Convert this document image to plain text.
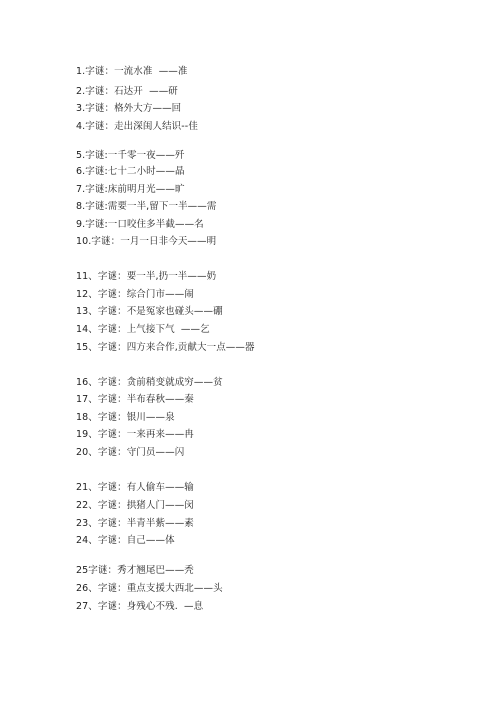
1.字谜：一流水准  ——准
2.字谜：石达开  ——研
3.字谜：格外大方——回
4.字谜：走出深闺人结识--佳
5.字谜:一千零一夜——歼
6.字谜:七十二小时——晶
7.字谜:床前明月光——旷
8.字谜:需要一半,留下一半——需
9.字谜:一口咬住多半截——名
10.字谜：一月一日非今天——明
11、字谜：要一半,扔一半——奶
12、字谜：综合门市——闹
13、字谜：不是冤家也碰头——硼
14、字谜：上气接下气  ——乞
15、字谜：四方来合作,贡献大一点——器
16、字谜：贪前稍变就成穷——贫
17、字谜：半布春秋——秦
18、字谜：银川——泉
19、字谜：一来再来——冉
20、字谜：守门员——闪
21、字谜：有人偷车——输
22、字谜：拱猪人门——闵
23、字谜：半青半紫——素
24、字谜：自己——体
25字谜：秀才翘尾巴——秃
26、字谜：重点支援大西北——头
27、字谜：身残心不残.  —息
